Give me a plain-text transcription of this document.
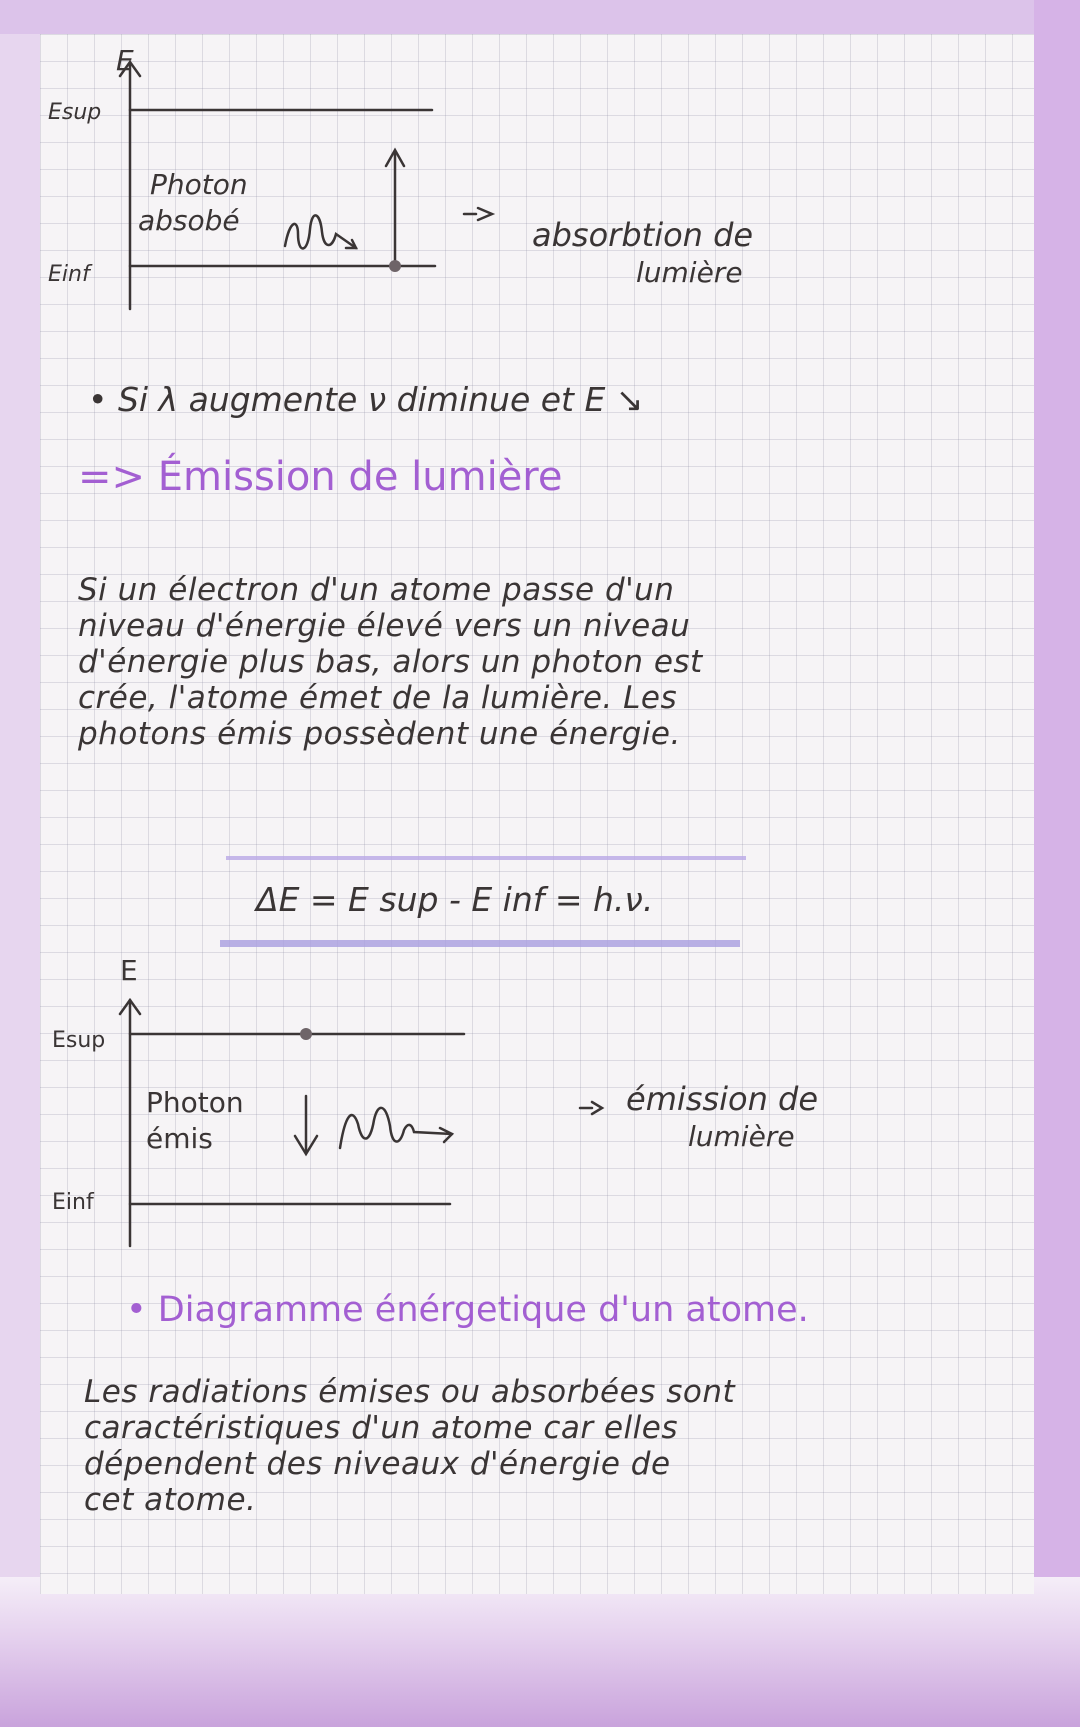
E
Esup
Einf
Photon
absobé	absorbtion de
lumière

• Si λ augmente ν diminue et E ↘

=> Émission de lumière

Si un électron d'un atome passe d'un

niveau d'énergie élevé vers un niveau

d'énergie plus bas, alors un photon est

crée, l'atome émet de la lumière. Les

photons émis possèdent une énergie.

ΔE = E sup - E inf = h.ν.

E
Esup
Einf
Photon
émis
émission de
lumière

• Diagramme énérgetique d'un atome.

Les radiations émises ou absorbées sont

caractéristiques d'un atome car elles

dépendent des niveaux d'énergie de

cet atome.
